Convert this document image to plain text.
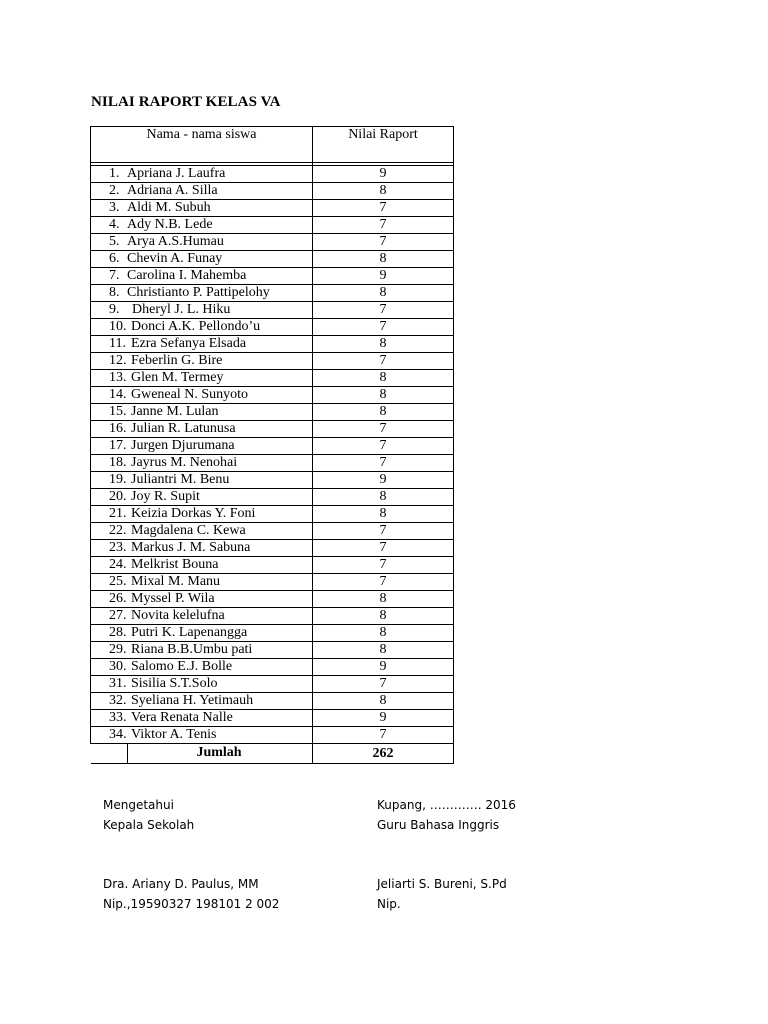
NILAI RAPORT KELAS VA
Nama - nama siswa	Nilai Raport

1. Apriana J. Laufra	9
2. Adriana A. Silla	8
3. Aldi M. Subuh	7
4. Ady N.B. Lede	7
5. Arya A.S.Humau	7
6. Chevin A. Funay	8
7. Carolina I. Mahemba	9
8. Christianto P. Pattipelohy	8
9. Dheryl J. L. Hiku	7
10. Donci A.K. Pellondo’u	7
11. Ezra Sefanya Elsada	8
12. Feberlin G. Bire	7
13. Glen M. Termey	8
14. Gweneal N. Sunyoto	8
15. Janne M. Lulan	8
16. Julian R. Latunusa	7
17. Jurgen Djurumana	7
18. Jayrus M. Nenohai	7
19. Juliantri M. Benu	9
20. Joy R. Supit	8
21. Keizia Dorkas Y. Foni	8
22. Magdalena C. Kewa	7
23. Markus J. M. Sabuna	7
24. Melkrist Bouna	7
25. Mixal M. Manu	7
26. Myssel P. Wila	8
27. Novita kelelufna	8
28. Putri K. Lapenangga	8
29. Riana B.B.Umbu pati	8
30. Salomo E.J. Bolle	9
31. Sisilia S.T.Solo	7
32. Syeliana H. Yetimauh	8
33. Vera Renata Nalle	9
34. Viktor A. Tenis	7
Jumlah	262
Mengetahui
Kepala Sekolah
Dra. Ariany D. Paulus, MM
Nip.,19590327 198101 2 002
Kupang, …………. 2016
Guru Bahasa Inggris
Jeliarti S. Bureni, S.Pd
Nip.
